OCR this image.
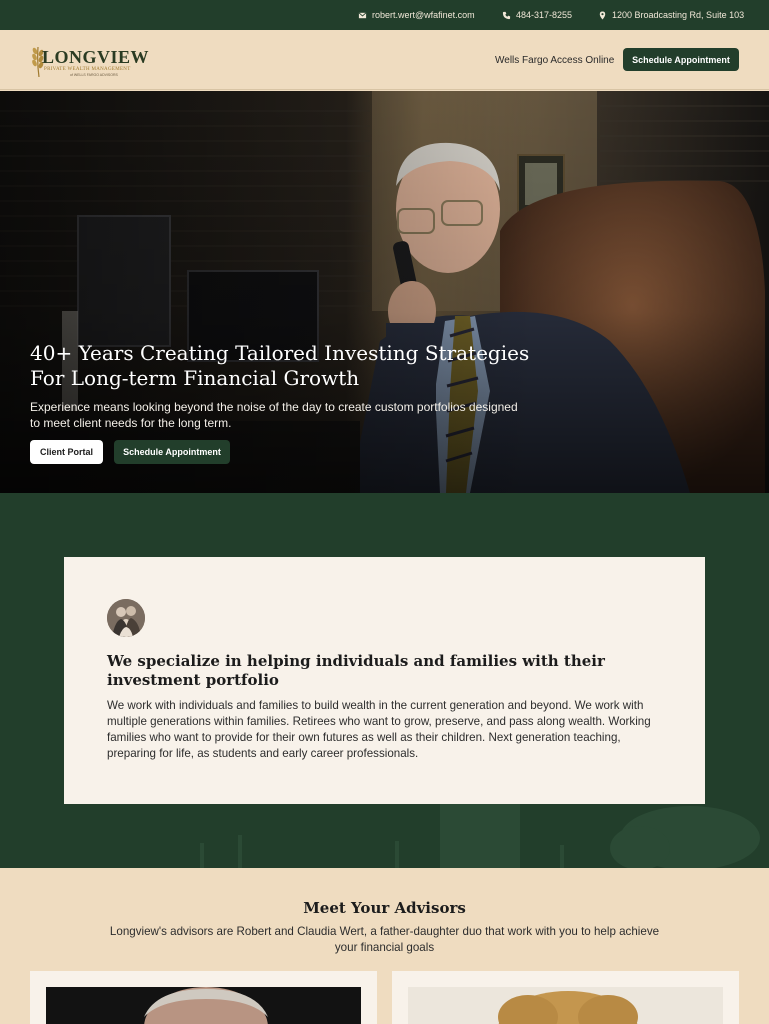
robert.wert@wfafinet.com	484-317-8255	1200 Broadcasting Rd, Suite 103
LONGVIEW
PRIVATE WEALTH MANAGEMENT
of WELLS FARGO ADVISORS
Wells Fargo Access Online	Schedule Appointment
40+ Years Creating Tailored Investing Strategies For Long-term Financial Growth

Experience means looking beyond the noise of the day to create custom portfolios designed to meet client needs for the long term.

Client Portal	Schedule Appointment
We specialize in helping individuals and families with their investment portfolio

We work with individuals and families to build wealth in the current generation and beyond. We work with multiple generations within families. Retirees who want to grow, preserve, and pass along wealth. Working families who want to provide for their own futures as well as their children. Next generation teaching, preparing for life, as students and early career professionals.

Meet Your Advisors

Longview's advisors are Robert and Claudia Wert, a father-daughter duo that work with you to help achieve your financial goals
